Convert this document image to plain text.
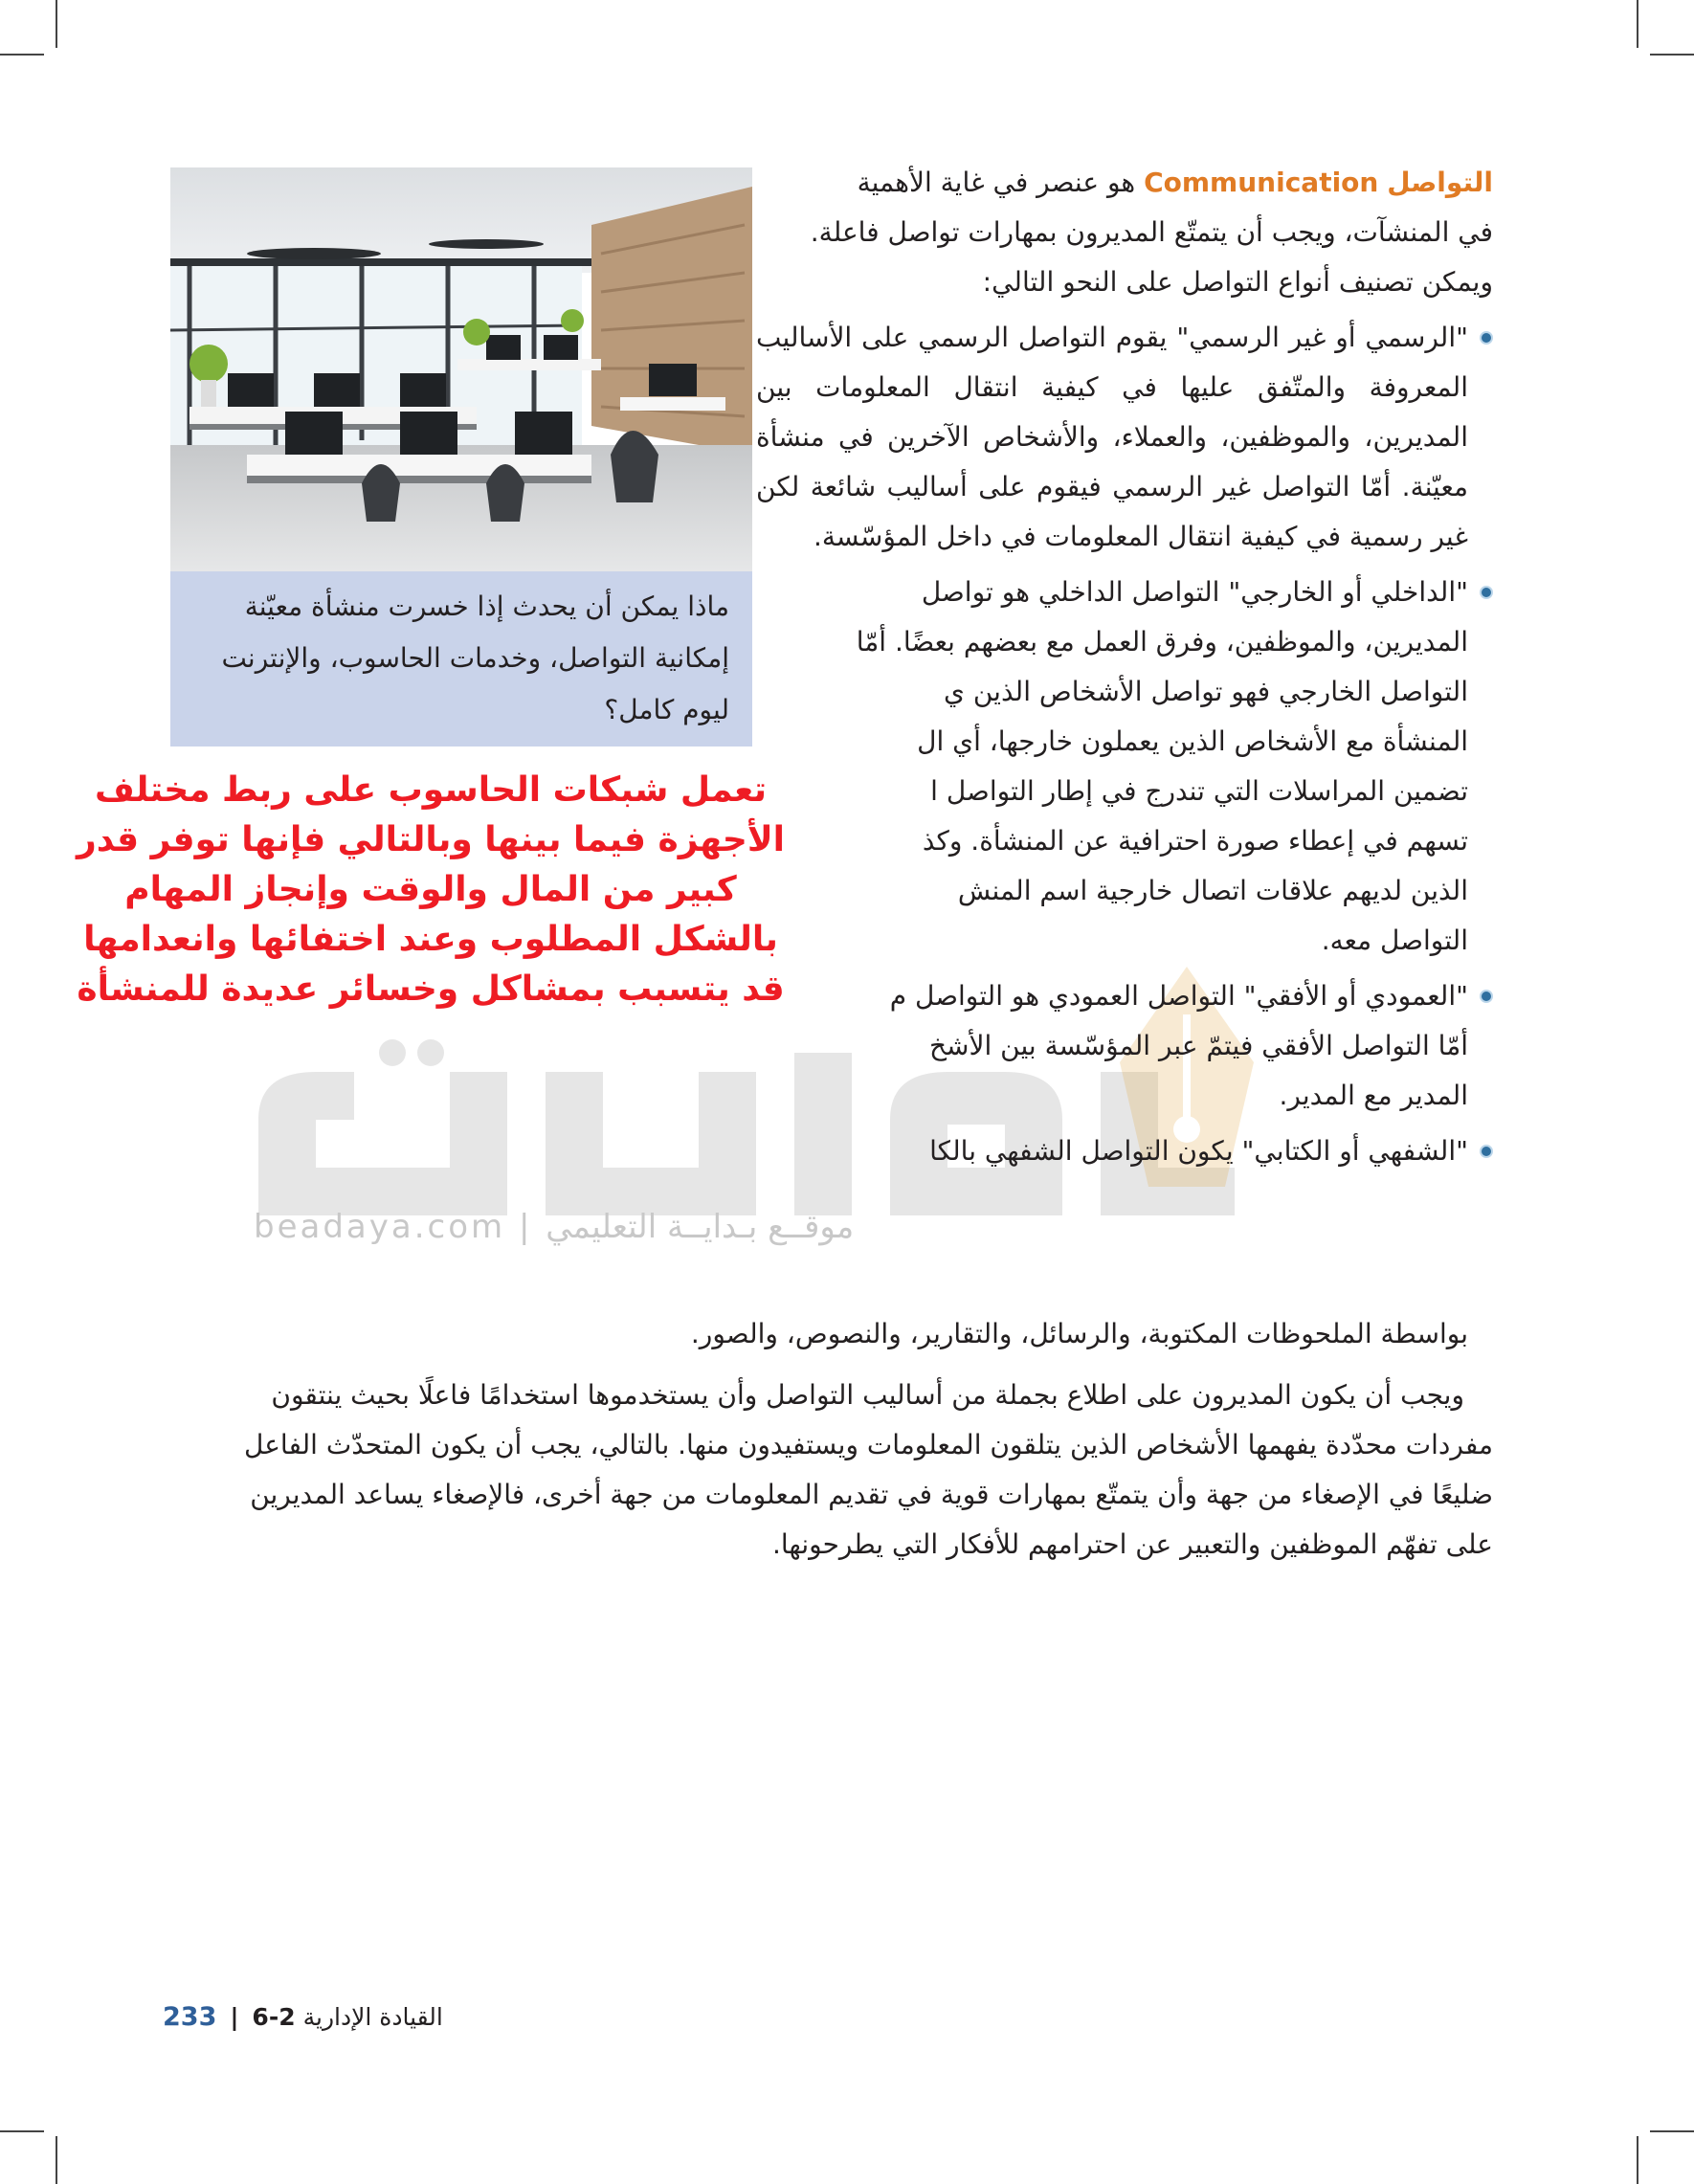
beadaya.com | موقــع بـدايــة التعليمي
ماذا يمكن أن يحدث إذا خسرت منشأة معيّنة إمكانية التواصل، وخدمات الحاسوب، والإنترنت ليوم كامل؟
تعمل شبكات الحاسوب على ربط مختلف الأجهزة فيما بينها وبالتالي فإنها توفر قدر كبير من المال والوقت وإنجاز المهام بالشكل المطلوب وعند اختفائها وانعدامها قد يتسبب بمشاكل وخسائر عديدة للمنشأة

التواصل Communication هو عنصر في غاية الأهمية

في المنشآت، ويجب أن يتمتّع المديرون بمهارات تواصل فاعلة.

ويمكن تصنيف أنواع التواصل على النحو التالي:

"الرسمي أو غير الرسمي" يقوم التواصل الرسمي على الأساليب المعروفة والمتّفق عليها في كيفية انتقال المعلومات بين المديرين، والموظفين، والعملاء، والأشخاص الآخرين في منشأة معيّنة. أمّا التواصل غير الرسمي فيقوم على أساليب شائعة لكن غير رسمية في كيفية انتقال المعلومات في داخل المؤسّسة.

"الداخلي أو الخارجي" التواصل الداخلي هو تواصل
المديرين، والموظفين، وفرق العمل مع بعضهم بعضًا. أمّا
التواصل الخارجي فهو تواصل الأشخاص الذين ي
المنشأة مع الأشخاص الذين يعملون خارجها، أي ال
تضمين المراسلات التي تندرج في إطار التواصل ا
تسهم في إعطاء صورة احترافية عن المنشأة. وكذ
الذين لديهم علاقات اتصال خارجية اسم المنش
التواصل معه.
"العمودي أو الأفقي" التواصل العمودي هو التواصل م
أمّا التواصل الأفقي فيتمّ عبر المؤسّسة بين الأشخ
المدير مع المدير.
"الشفهي أو الكتابي" يكون التواصل الشفهي بالكا
بواسطة الملحوظات المكتوبة، والرسائل، والتقارير، والنصوص، والصور.
ويجب أن يكون المديرون على اطلاع بجملة من أساليب التواصل وأن يستخدموها استخدامًا فاعلًا بحيث ينتقون
مفردات محدّدة يفهمها الأشخاص الذين يتلقون المعلومات ويستفيدون منها. بالتالي، يجب أن يكون المتحدّث الفاعل
ضليعًا في الإصغاء من جهة وأن يتمتّع بمهارات قوية في تقديم المعلومات من جهة أخرى، فالإصغاء يساعد المديرين
على تفهّم الموظفين والتعبير عن احترامهم للأفكار التي يطرحونها.
233 |	القيادة الإدارية 2-6
